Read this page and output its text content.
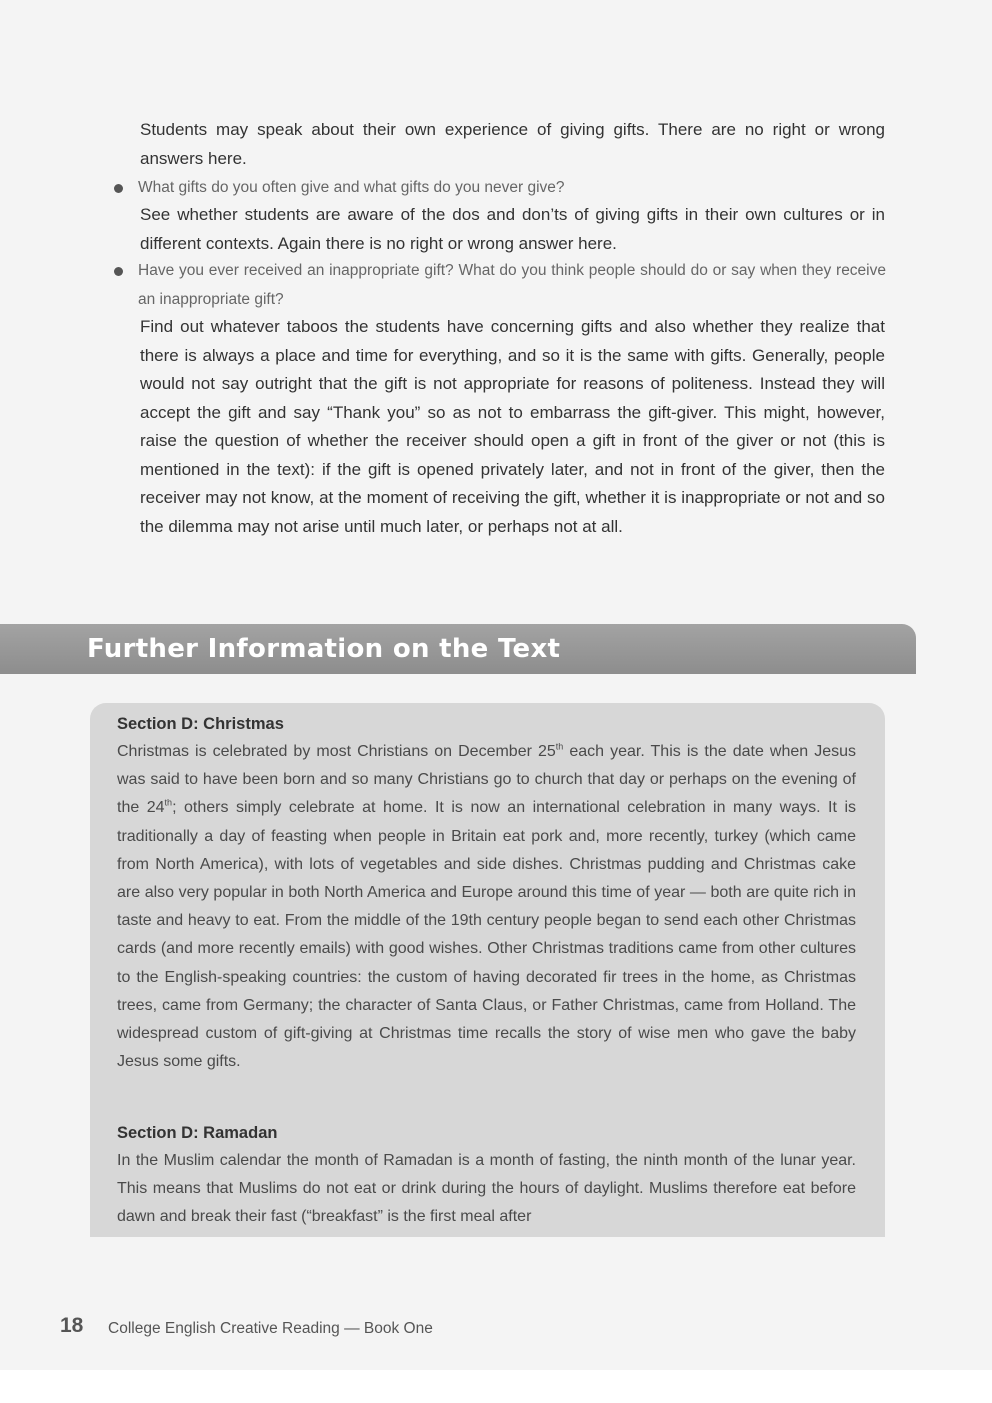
Students may speak about their own experience of giving gifts. There are no right or wrong answers here.

What gifts do you often give and what gifts do you never give?

See whether students are aware of the dos and don’ts of giving gifts in their own cultures or in different contexts. Again there is no right or wrong answer here.

Have you ever received an inappropriate gift? What do you think people should do or say when they receive an inappropriate gift?

Find out whatever taboos the students have concerning gifts and also whether they realize that there is always a place and time for everything, and so it is the same with gifts. Generally, people would not say outright that the gift is not appropriate for reasons of politeness. Instead they will accept the gift and say “Thank you” so as not to embarrass the gift-giver. This might, however, raise the question of whether the receiver should open a gift in front of the giver or not (this is mentioned in the text): if the gift is opened privately later, and not in front of the giver, then the receiver may not know, at the moment of receiving the gift, whether it is inappropriate or not and so the dilemma may not arise until much later, or perhaps not at all.

Further Information on the Text

Section D: Christmas

Christmas is celebrated by most Christians on December 25th each year. This is the date when Jesus was said to have been born and so many Christians go to church that day or perhaps on the evening of the 24th; others simply celebrate at home. It is now an international celebration in many ways. It is traditionally a day of feasting when people in Britain eat pork and, more recently, turkey (which came from North America), with lots of vegetables and side dishes. Christmas pudding and Christmas cake are also very popular in both North America and Europe around this time of year — both are quite rich in taste and heavy to eat. From the middle of the 19th century people began to send each other Christmas cards (and more recently emails) with good wishes. Other Christmas traditions came from other cultures to the English-speaking countries: the custom of having decorated fir trees in the home, as Christmas trees, came from Germany; the character of Santa Claus, or Father Christmas, came from Holland. The widespread custom of gift-giving at Christmas time recalls the story of wise men who gave the baby Jesus some gifts.

Section D: Ramadan

In the Muslim calendar the month of Ramadan is a month of fasting, the ninth month of the lunar year. This means that Muslims do not eat or drink during the hours of daylight. Muslims therefore eat before dawn and break their fast (“breakfast” is the first meal after

18 College English Creative Reading — Book One
